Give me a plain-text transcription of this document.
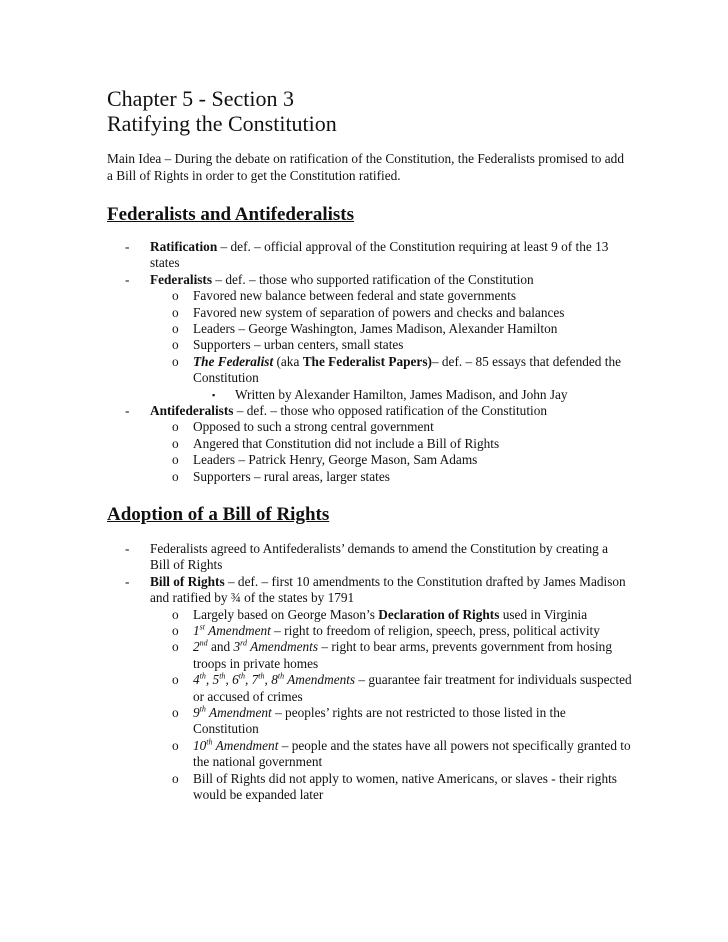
Chapter 5 - Section 3
Ratifying the Constitution
Main Idea – During the debate on ratification of the Constitution, the Federalists promised to add a Bill of Rights in order to get the Constitution ratified.
Federalists and Antifederalists
- Ratification – def. – official approval of the Constitution requiring at least 9 of the 13 states
- Federalists – def. – those who supported ratification of the Constitution
o Favored new balance between federal and state governments
o Favored new system of separation of powers and checks and balances
o Leaders – George Washington, James Madison, Alexander Hamilton
o Supporters – urban centers, small states
o The Federalist (aka The Federalist Papers)– def. – 85 essays that defended the Constitution
▪ Written by Alexander Hamilton, James Madison, and John Jay
- Antifederalists – def. – those who opposed ratification of the Constitution
o Opposed to such a strong central government
o Angered that Constitution did not include a Bill of Rights
o Leaders – Patrick Henry, George Mason, Sam Adams
o Supporters – rural areas, larger states
Adoption of a Bill of Rights
- Federalists agreed to Antifederalists’ demands to amend the Constitution by creating a Bill of Rights
- Bill of Rights – def. – first 10 amendments to the Constitution drafted by James Madison and ratified by ¾ of the states by 1791
o Largely based on George Mason’s Declaration of Rights used in Virginia
o 1st Amendment – right to freedom of religion, speech, press, political activity
o 2nd and 3rd Amendments – right to bear arms, prevents government from hosing troops in private homes
o 4th, 5th, 6th, 7th, 8th Amendments – guarantee fair treatment for individuals suspected or accused of crimes
o 9th Amendment – peoples’ rights are not restricted to those listed in the Constitution
o 10th Amendment – people and the states have all powers not specifically granted to the national government
o Bill of Rights did not apply to women, native Americans, or slaves - their rights would be expanded later
